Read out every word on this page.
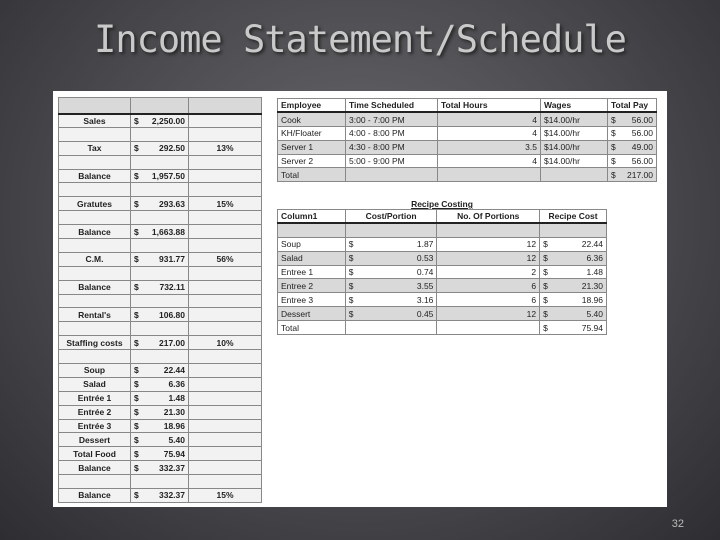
Income Statement/Schedule

Sales	$ 2,250.00	

Tax	$ 292.50	13%

Balance	$ 1,957.50	

Gratutes	$ 293.63	15%

Balance	$ 1,663.88	

C.M.	$ 931.77	56%

Balance	$ 732.11	

Rental's	$ 106.80	

Staffing costs	$ 217.00	10%

Soup	$ 22.44	

Salad	$ 6.36	

Entrée 1	$ 1.48	

Entrée 2	$ 21.30	

Entrée 3	$ 18.96	

Dessert	$ 5.40	

Total Food	$ 75.94	

Balance	$ 332.37	

Balance	$ 332.37	15%
Employee	Time Scheduled	Total Hours	Wages	Total Pay
Cook	3:00 - 7:00 PM	4	$14.00/hr	$ 56.00

KH/Floater	4:00 - 8:00 PM	4	$14.00/hr	$ 56.00

Server 1	4:30 - 8:00 PM	3.5	$14.00/hr	$ 49.00

Server 2	5:00 - 9:00 PM	4	$14.00/hr	$ 56.00

Total				$ 217.00
Recipe Costing
Column1	Cost/Portion	No. Of Portions	Recipe Cost

Soup	$ 1.87	12	$ 22.44

Salad	$ 0.53	12	$ 6.36

Entree 1	$ 0.74	2	$ 1.48

Entree 2	$ 3.55	6	$ 21.30

Entree 3	$ 3.16	6	$ 18.96

Dessert	$ 0.45	12	$ 5.40

Total			$ 75.94
32
